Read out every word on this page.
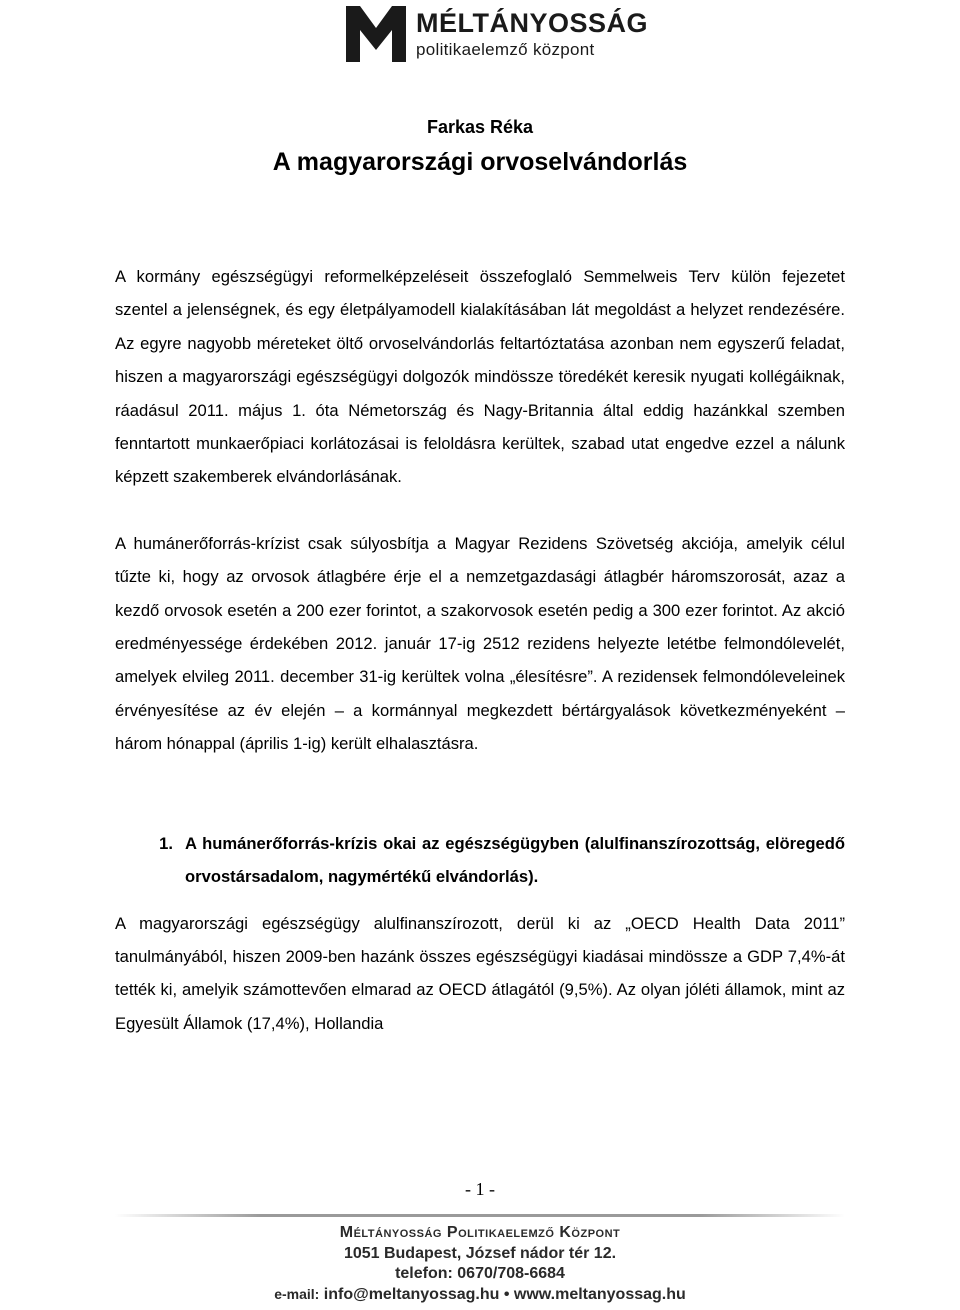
MÉLTÁNYOSSÁG
politikaelemző központ
Farkas Réka
A magyarországi orvoselvándorlás

A kormány egészségügyi reformelképzeléseit összefoglaló Semmelweis Terv külön fejezetet szentel a jelenségnek, és egy életpályamodell kialakításában lát megoldást a helyzet rendezésére. Az egyre nagyobb méreteket öltő orvoselvándorlás feltartóztatása azonban nem egyszerű feladat, hiszen a magyarországi egészségügyi dolgozók mindössze töredékét keresik nyugati kollégáiknak, ráadásul 2011. május 1. óta Németország és Nagy-Britannia által eddig hazánkkal szemben fenntartott munkaerőpiaci korlátozásai is feloldásra kerültek, szabad utat engedve ezzel a nálunk képzett szakemberek elvándorlásának.

A humánerőforrás-krízist csak súlyosbítja a Magyar Rezidens Szövetség akciója, amelyik célul tűzte ki, hogy az orvosok átlagbére érje el a nemzetgazdasági átlagbér háromszorosát, azaz a kezdő orvosok esetén a 200 ezer forintot, a szakorvosok esetén pedig a 300 ezer forintot. Az akció eredményessége érdekében 2012. január 17-ig 2512 rezidens helyezte letétbe felmondólevelét, amelyek elvileg 2011. december 31-ig kerültek volna „élesítésre”. A rezidensek felmondóleveleinek érvényesítése az év elején – a kormánnyal megkezdett bértárgyalások következményeként – három hónappal (április 1-ig) került elhalasztásra.

1. A humánerőforrás-krízis okai az egészségügyben (alulfinanszírozottság, elöregedő orvostársadalom, nagymértékű elvándorlás).

A magyarországi egészségügy alulfinanszírozott, derül ki az „OECD Health Data 2011” tanulmányából, hiszen 2009-ben hazánk összes egészségügyi kiadásai mindössze a GDP 7,4%-át tették ki, amelyik számottevően elmarad az OECD átlagától (9,5%). Az olyan jóléti államok, mint az Egyesült Államok (17,4%), Hollandia

- 1 -
Méltányosság Politikaelemző Központ
1051 Budapest, József nádor tér 12.
telefon: 0670/708-6684
e-mail: info@meltanyossag.hu • www.meltanyossag.hu
